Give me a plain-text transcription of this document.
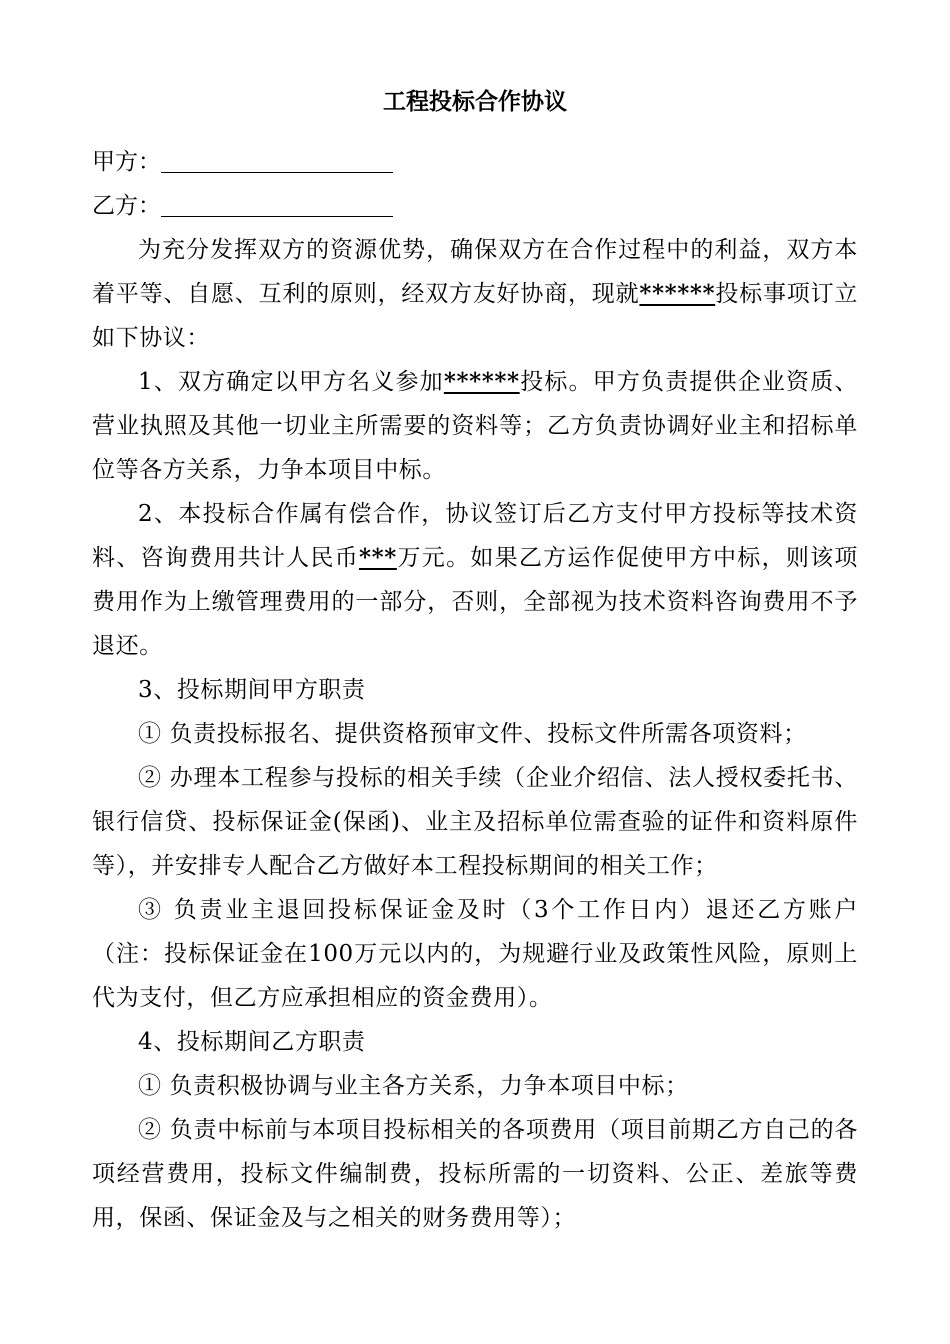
工程投标合作协议
甲方：
乙方：

为充分发挥双方的资源优势，确保双方在合作过程中的利益，双方本着平等、自愿、互利的原则，经双方友好协商，现就******投标事项订立如下协议：

1、双方确定以甲方名义参加******投标。甲方负责提供企业资质、营业执照及其他一切业主所需要的资料等；乙方负责协调好业主和招标单位等各方关系，力争本项目中标。

2、本投标合作属有偿合作，协议签订后乙方支付甲方投标等技术资料、咨询费用共计人民币***万元。如果乙方运作促使甲方中标，则该项费用作为上缴管理费用的一部分，否则，全部视为技术资料咨询费用不予退还。

3、投标期间甲方职责

① 负责投标报名、提供资格预审文件、投标文件所需各项资料；

② 办理本工程参与投标的相关手续（企业介绍信、法人授权委托书、银行信贷、投标保证金(保函)、业主及招标单位需查验的证件和资料原件等），并安排专人配合乙方做好本工程投标期间的相关工作；

③ 负责业主退回投标保证金及时（3个工作日内）退还乙方账户（注：投标保证金在100万元以内的，为规避行业及政策性风险，原则上代为支付，但乙方应承担相应的资金费用）。

4、投标期间乙方职责

① 负责积极协调与业主各方关系，力争本项目中标；

② 负责中标前与本项目投标相关的各项费用（项目前期乙方自己的各项经营费用，投标文件编制费，投标所需的一切资料、公正、差旅等费用，保函、保证金及与之相关的财务费用等）；
